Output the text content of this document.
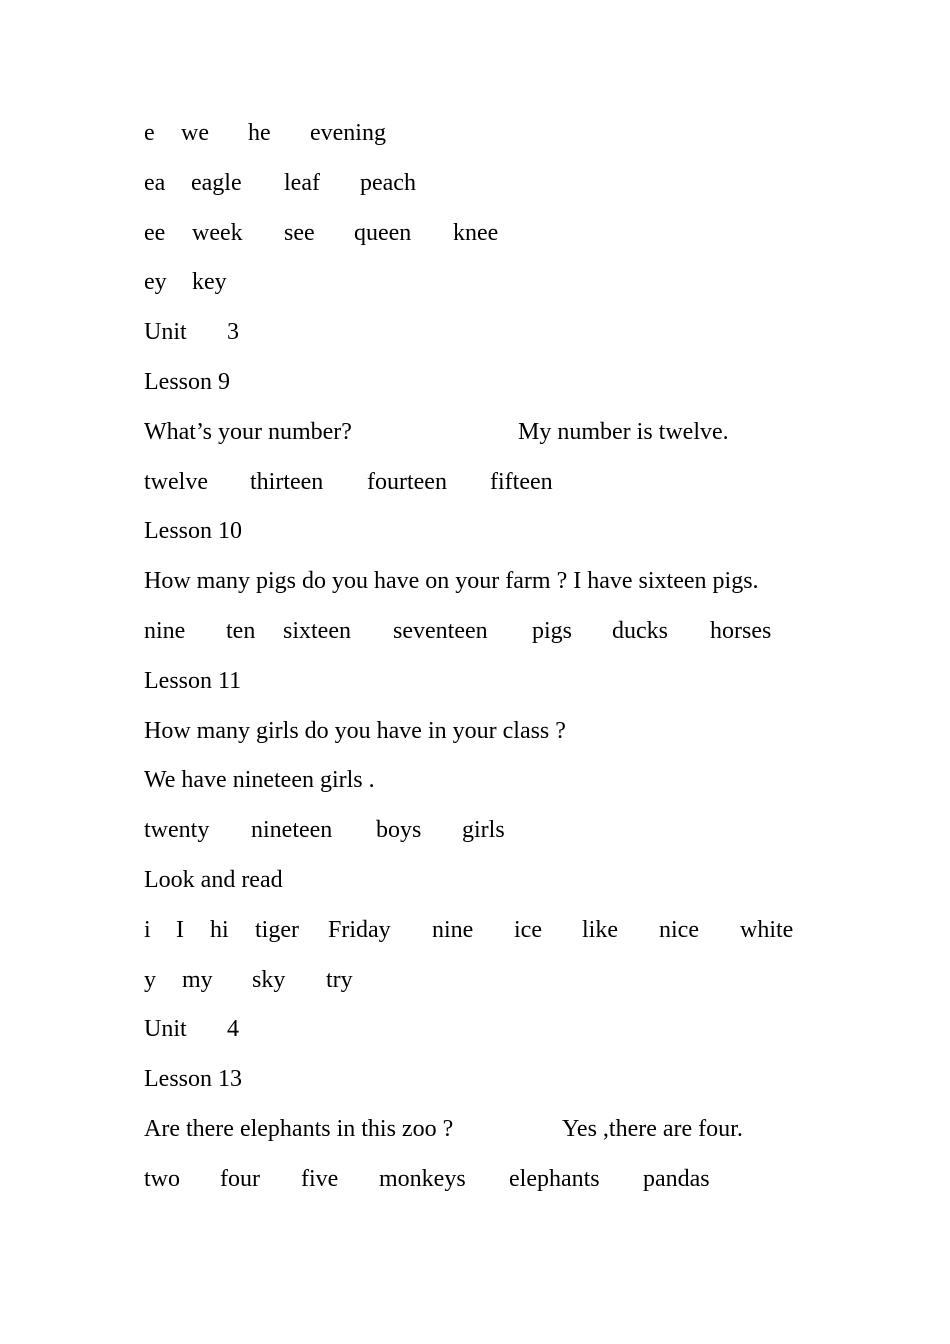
e we he evening
ea eagle leaf peach
ee week see queen knee
ey key
Unit 3
Lesson 9
What’s your number?	My number is twelve.
twelve thirteen fourteen fifteen
Lesson 10
How many pigs do you have on your farm ? I have sixteen pigs.
nine ten sixteen seventeen pigs ducks horses
Lesson 11
How many girls do you have in your class ?
We have nineteen girls .
twenty nineteen boys girls
Look and read
i I hi tiger Friday nine ice like nice white
y my sky try
Unit 4
Lesson 13
Are there elephants in this zoo ?	Yes ,there are four.
two four five monkeys elephants pandas
